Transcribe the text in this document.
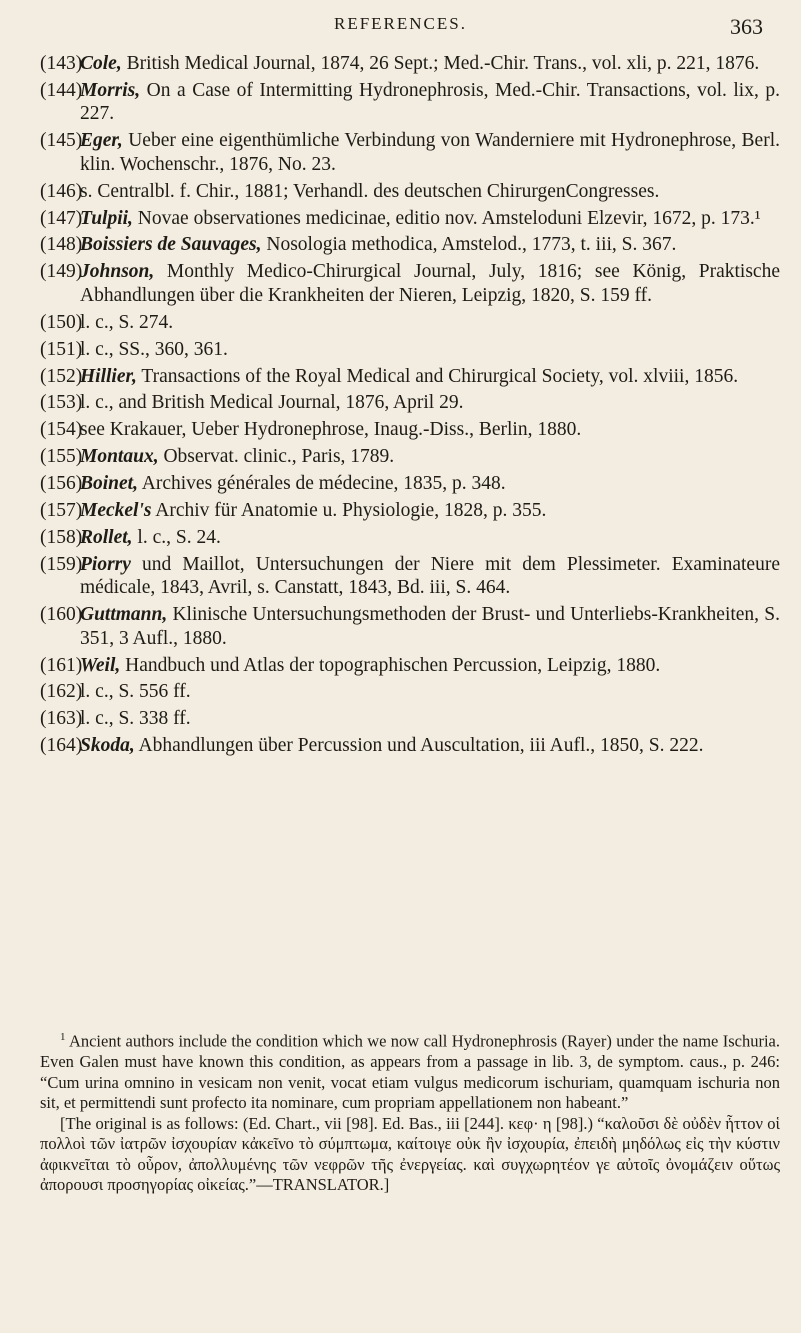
REFERENCES.	363
(143)
Cole, British Medical Journal, 1874, 26 Sept.; Med.-Chir. Trans., vol. xli, p. 221, 1876.
(144)
Morris, On a Case of Intermitting Hydronephrosis, Med.-Chir. Transactions, vol. lix, p. 227.
(145)
Eger, Ueber eine eigenthümliche Verbindung von Wanderniere mit Hydronephrose, Berl. klin. Wochenschr., 1876, No. 23.
(146)
s. Centralbl. f. Chir., 1881; Verhandl. des deutschen ChirurgenCongresses.
(147)
Tulpii, Novae observationes medicinae, editio nov. Amsteloduni Elzevir, 1672, p. 173.¹
(148)
Boissiers de Sauvages, Nosologia methodica, Amstelod., 1773, t. iii, S. 367.
(149)
Johnson, Monthly Medico-Chirurgical Journal, July, 1816; see König, Praktische Abhandlungen über die Krankheiten der Nieren, Leipzig, 1820, S. 159 ff.
(150)
l. c., S. 274.
(151)
l. c., SS., 360, 361.
(152)
Hillier, Transactions of the Royal Medical and Chirurgical Society, vol. xlviii, 1856.
(153)
l. c., and British Medical Journal, 1876, April 29.
(154)
see Krakauer, Ueber Hydronephrose, Inaug.-Diss., Berlin, 1880.
(155)
Montaux, Observat. clinic., Paris, 1789.
(156)
Boinet, Archives générales de médecine, 1835, p. 348.
(157)
Meckel's Archiv für Anatomie u. Physiologie, 1828, p. 355.
(158)
Rollet, l. c., S. 24.
(159)
Piorry und Maillot, Untersuchungen der Niere mit dem Plessimeter. Examinateure médicale, 1843, Avril, s. Canstatt, 1843, Bd. iii, S. 464.
(160)
Guttmann, Klinische Untersuchungsmethoden der Brust- und Unterliebs-Krankheiten, S. 351, 3 Aufl., 1880.
(161)
Weil, Handbuch und Atlas der topographischen Percussion, Leipzig, 1880.
(162)
l. c., S. 556 ff.
(163)
l. c., S. 338 ff.
(164)
Skoda, Abhandlungen über Percussion und Auscultation, iii Aufl., 1850, S. 222.

$^1$ Ancient authors include the condition which we now call Hydronephrosis (Rayer) under the name Ischuria. Even Galen must have known this condition, as appears from a passage in lib. 3, de symptom. caus., p. 246: “Cum urina omnino in vesicam non venit, vocat etiam vulgus medicorum ischuriam, quamquam ischuria non sit, et permittendi sunt profecto ita nominare, cum propriam appellationem non habeant.”

[The original is as follows: (Ed. Chart., vii [98]. Ed. Bas., iii [244]. κεφ· η [98].) “καλοῦσι δὲ οὐδὲν ἧττον οἱ πολλοὶ τῶν ἰατρῶν ἰσχουρίαν κἀκεῖνο τὸ σύμπτωμα, καίτοιγε οὐκ ἢν ἰσχουρία, ἐπειδὴ μηδόλως εἰς τὴν κύστιν ἀφικνεῖται τὸ οὖρον, ἀπολλυμένης τῶν νεφρῶν τῆς ἐνεργείας. καὶ συγχωρητέον γε αὐτοῖς ὀνομάζειν οὕτως ἀπορουσι προσηγορίας οἰκείας.”—TRANSLATOR.]
